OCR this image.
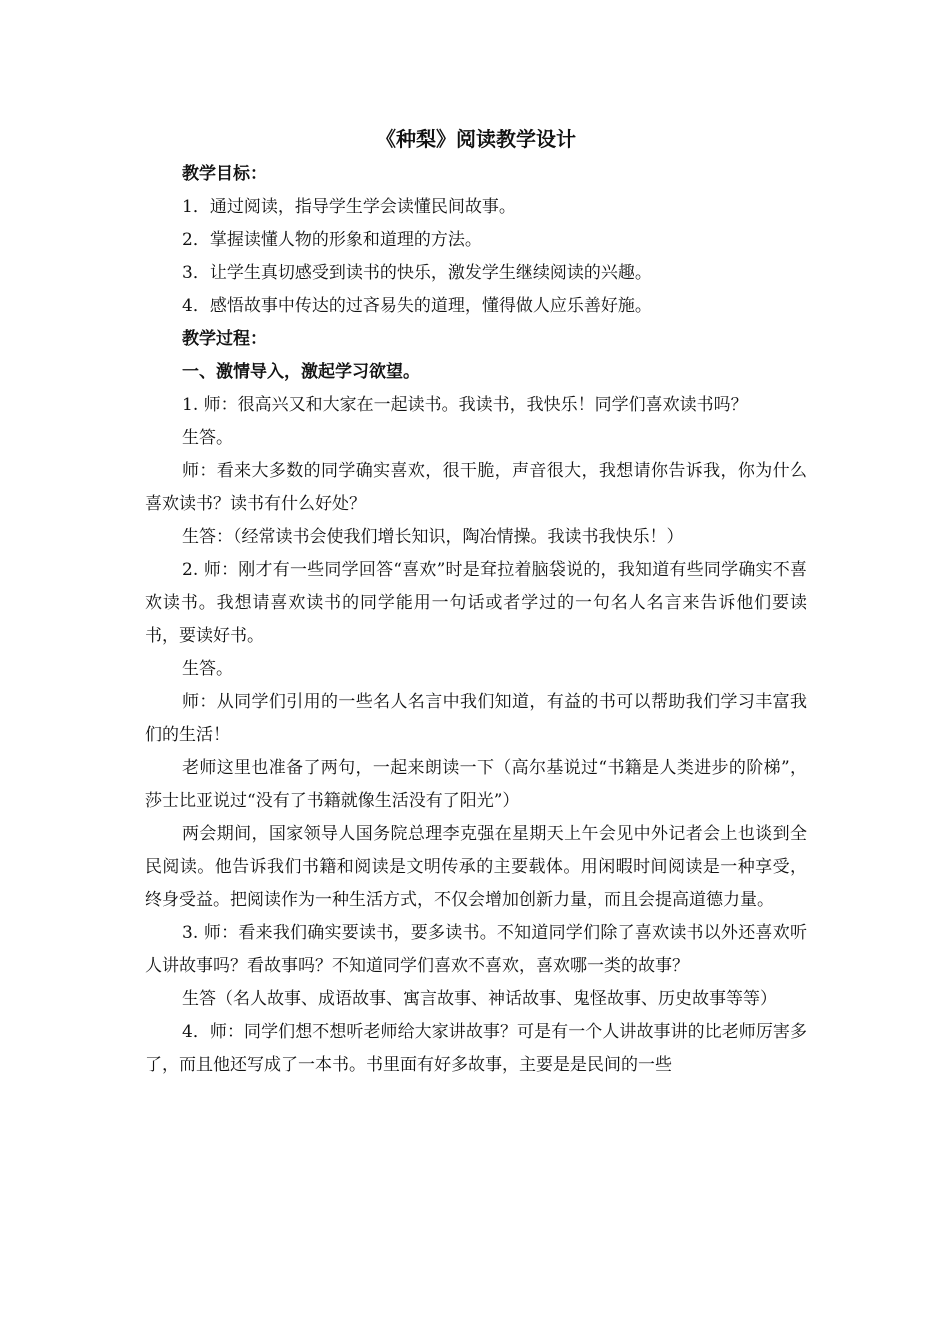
《种梨》阅读教学设计

教学目标：

1．通过阅读，指导学生学会读懂民间故事。

2．掌握读懂人物的形象和道理的方法。

3．让学生真切感受到读书的快乐，激发学生继续阅读的兴趣。

4．感悟故事中传达的过吝易失的道理，懂得做人应乐善好施。

教学过程：

一、激情导入，激起学习欲望。

1. 师：很高兴又和大家在一起读书。我读书，我快乐！同学们喜欢读书吗？

生答。

师：看来大多数的同学确实喜欢，很干脆，声音很大，我想请你告诉我，你为什么喜欢读书？读书有什么好处？

生答：（经常读书会使我们增长知识，陶冶情操。我读书我快乐！）

2. 师：刚才有一些同学回答“喜欢”时是耷拉着脑袋说的，我知道有些同学确实不喜欢读书。我想请喜欢读书的同学能用一句话或者学过的一句名人名言来告诉他们要读书，要读好书。

生答。

师：从同学们引用的一些名人名言中我们知道，有益的书可以帮助我们学习丰富我们的生活！

老师这里也准备了两句，一起来朗读一下（高尔基说过“书籍是人类进步的阶梯”，莎士比亚说过“没有了书籍就像生活没有了阳光”）

两会期间，国家领导人国务院总理李克强在星期天上午会见中外记者会上也谈到全民阅读。他告诉我们书籍和阅读是文明传承的主要载体。用闲暇时间阅读是一种享受，终身受益。把阅读作为一种生活方式，不仅会增加创新力量，而且会提高道德力量。

3. 师：看来我们确实要读书，要多读书。不知道同学们除了喜欢读书以外还喜欢听人讲故事吗？看故事吗？不知道同学们喜欢不喜欢，喜欢哪一类的故事？

生答（名人故事、成语故事、寓言故事、神话故事、鬼怪故事、历史故事等等）

4．师：同学们想不想听老师给大家讲故事？可是有一个人讲故事讲的比老师厉害多了，而且他还写成了一本书。书里面有好多故事，主要是是民间的一些
